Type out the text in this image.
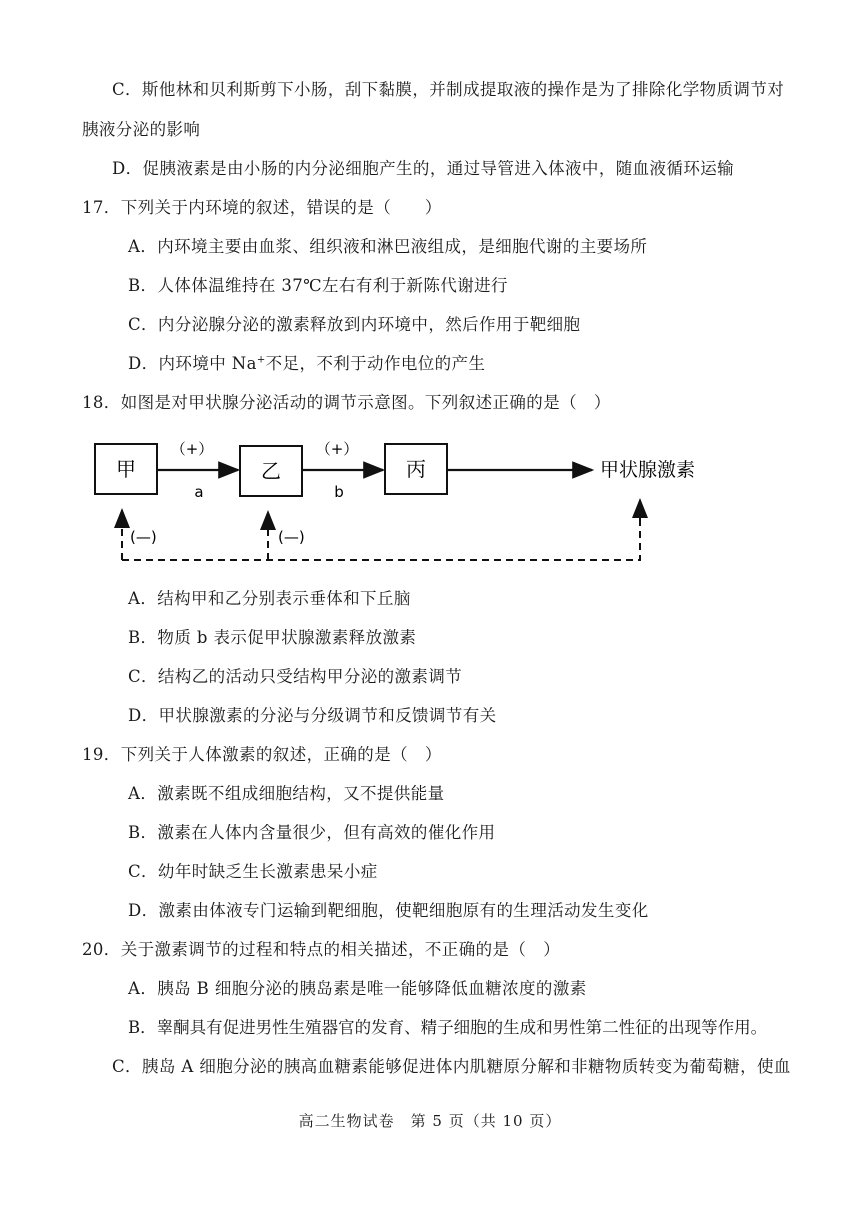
C．斯他林和贝利斯剪下小肠，刮下黏膜，并制成提取液的操作是为了排除化学物质调节对
胰液分泌的影响
D．促胰液素是由小肠的内分泌细胞产生的，通过导管进入体液中，随血液循环运输
17．下列关于内环境的叙述，错误的是（　　）
A．内环境主要由血浆、组织液和淋巴液组成，是细胞代谢的主要场所
B．人体体温维持在 37℃左右有利于新陈代谢进行
C．内分泌腺分泌的激素释放到内环境中，然后作用于靶细胞
D．内环境中 Na+不足，不利于动作电位的产生
18．如图是对甲状腺分泌活动的调节示意图。下列叙述正确的是（　）
甲	乙	丙
（+）	（+）
a	b
甲状腺激素
(—)	(—)
A．结构甲和乙分别表示垂体和下丘脑
B．物质 b 表示促甲状腺激素释放激素
C．结构乙的活动只受结构甲分泌的激素调节
D．甲状腺激素的分泌与分级调节和反馈调节有关
19．下列关于人体激素的叙述，正确的是（　）
A．激素既不组成细胞结构，又不提供能量
B．激素在人体内含量很少，但有高效的催化作用
C．幼年时缺乏生长激素患呆小症
D．激素由体液专门运输到靶细胞，使靶细胞原有的生理活动发生变化
20．关于激素调节的过程和特点的相关描述，不正确的是（　）
A．胰岛 B 细胞分泌的胰岛素是唯一能够降低血糖浓度的激素
B．睾酮具有促进男性生殖器官的发育、精子细胞的生成和男性第二性征的出现等作用。
C．胰岛 A 细胞分泌的胰高血糖素能够促进体内肌糖原分解和非糖物质转变为葡萄糖，使血
高二生物试卷　第 5 页（共 10 页）
